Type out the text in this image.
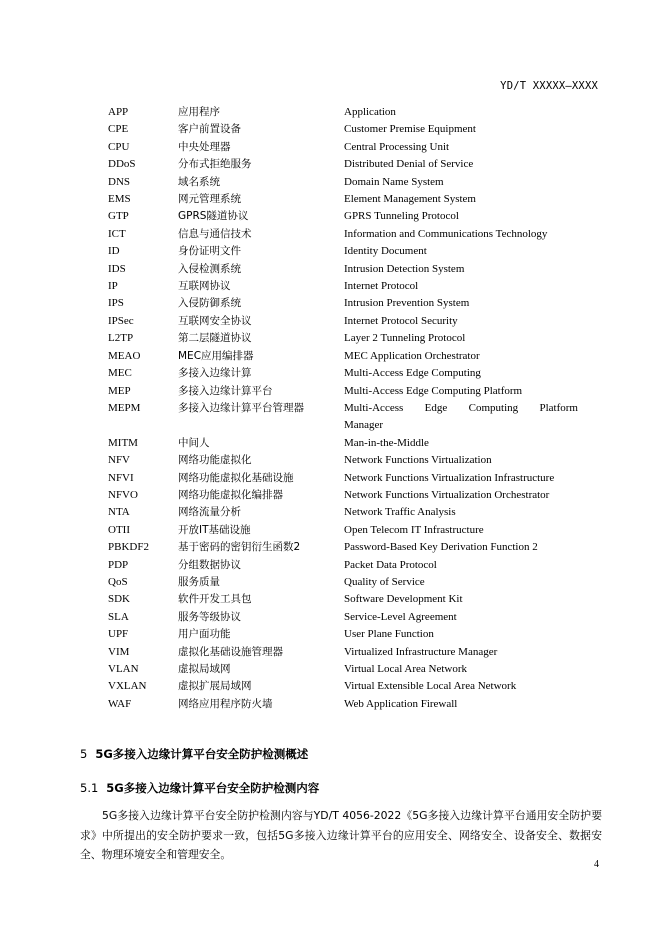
YD/T XXXXX—XXXX
APP	应用程序	Application
CPE	客户前置设备	Customer Premise Equipment
CPU	中央处理器	Central Processing Unit
DDoS	分布式拒绝服务	Distributed Denial of Service
DNS	域名系统	Domain Name System
EMS	网元管理系统	Element Management System
GTP	GPRS隧道协议	GPRS Tunneling Protocol
ICT	信息与通信技术	Information and Communications Technology
ID	身份证明文件	Identity Document
IDS	入侵检测系统	Intrusion Detection System
IP	互联网协议	Internet Protocol
IPS	入侵防御系统	Intrusion Prevention System
IPSec	互联网安全协议	Internet Protocol Security
L2TP	第二层隧道协议	Layer 2 Tunneling Protocol
MEAO	MEC应用编排器	MEC Application Orchestrator
MEC	多接入边缘计算	Multi-Access Edge Computing
MEP	多接入边缘计算平台	Multi-Access Edge Computing Platform
MEPM	多接入边缘计算平台管理器	Multi-Access Edge Computing Platform
Manager
MITM	中间人	Man-in-the-Middle
NFV	网络功能虚拟化	Network Functions Virtualization
NFVI	网络功能虚拟化基础设施	Network Functions Virtualization Infrastructure
NFVO	网络功能虚拟化编排器	Network Functions Virtualization Orchestrator
NTA	网络流量分析	Network Traffic Analysis
OTII	开放IT基础设施	Open Telecom IT Infrastructure
PBKDF2	基于密码的密钥衍生函数2	Password-Based Key Derivation Function 2
PDP	分组数据协议	Packet Data Protocol
QoS	服务质量	Quality of Service
SDK	软件开发工具包	Software Development Kit
SLA	服务等级协议	Service-Level Agreement
UPF	用户面功能	User Plane Function
VIM	虚拟化基础设施管理器	Virtualized Infrastructure Manager
VLAN	虚拟局域网	Virtual Local Area Network
VXLAN	虚拟扩展局域网	Virtual Extensible Local Area Network
WAF	网络应用程序防火墙	Web Application Firewall
5 5G多接入边缘计算平台安全防护检测概述
5.1 5G多接入边缘计算平台安全防护检测内容
5G多接入边缘计算平台安全防护检测内容与YD/T 4056-2022《5G多接入边缘计算平台通用安全防护要求》中所提出的安全防护要求一致，包括5G多接入边缘计算平台的应用安全、网络安全、设备安全、数据安全、物理环境安全和管理安全。
4
